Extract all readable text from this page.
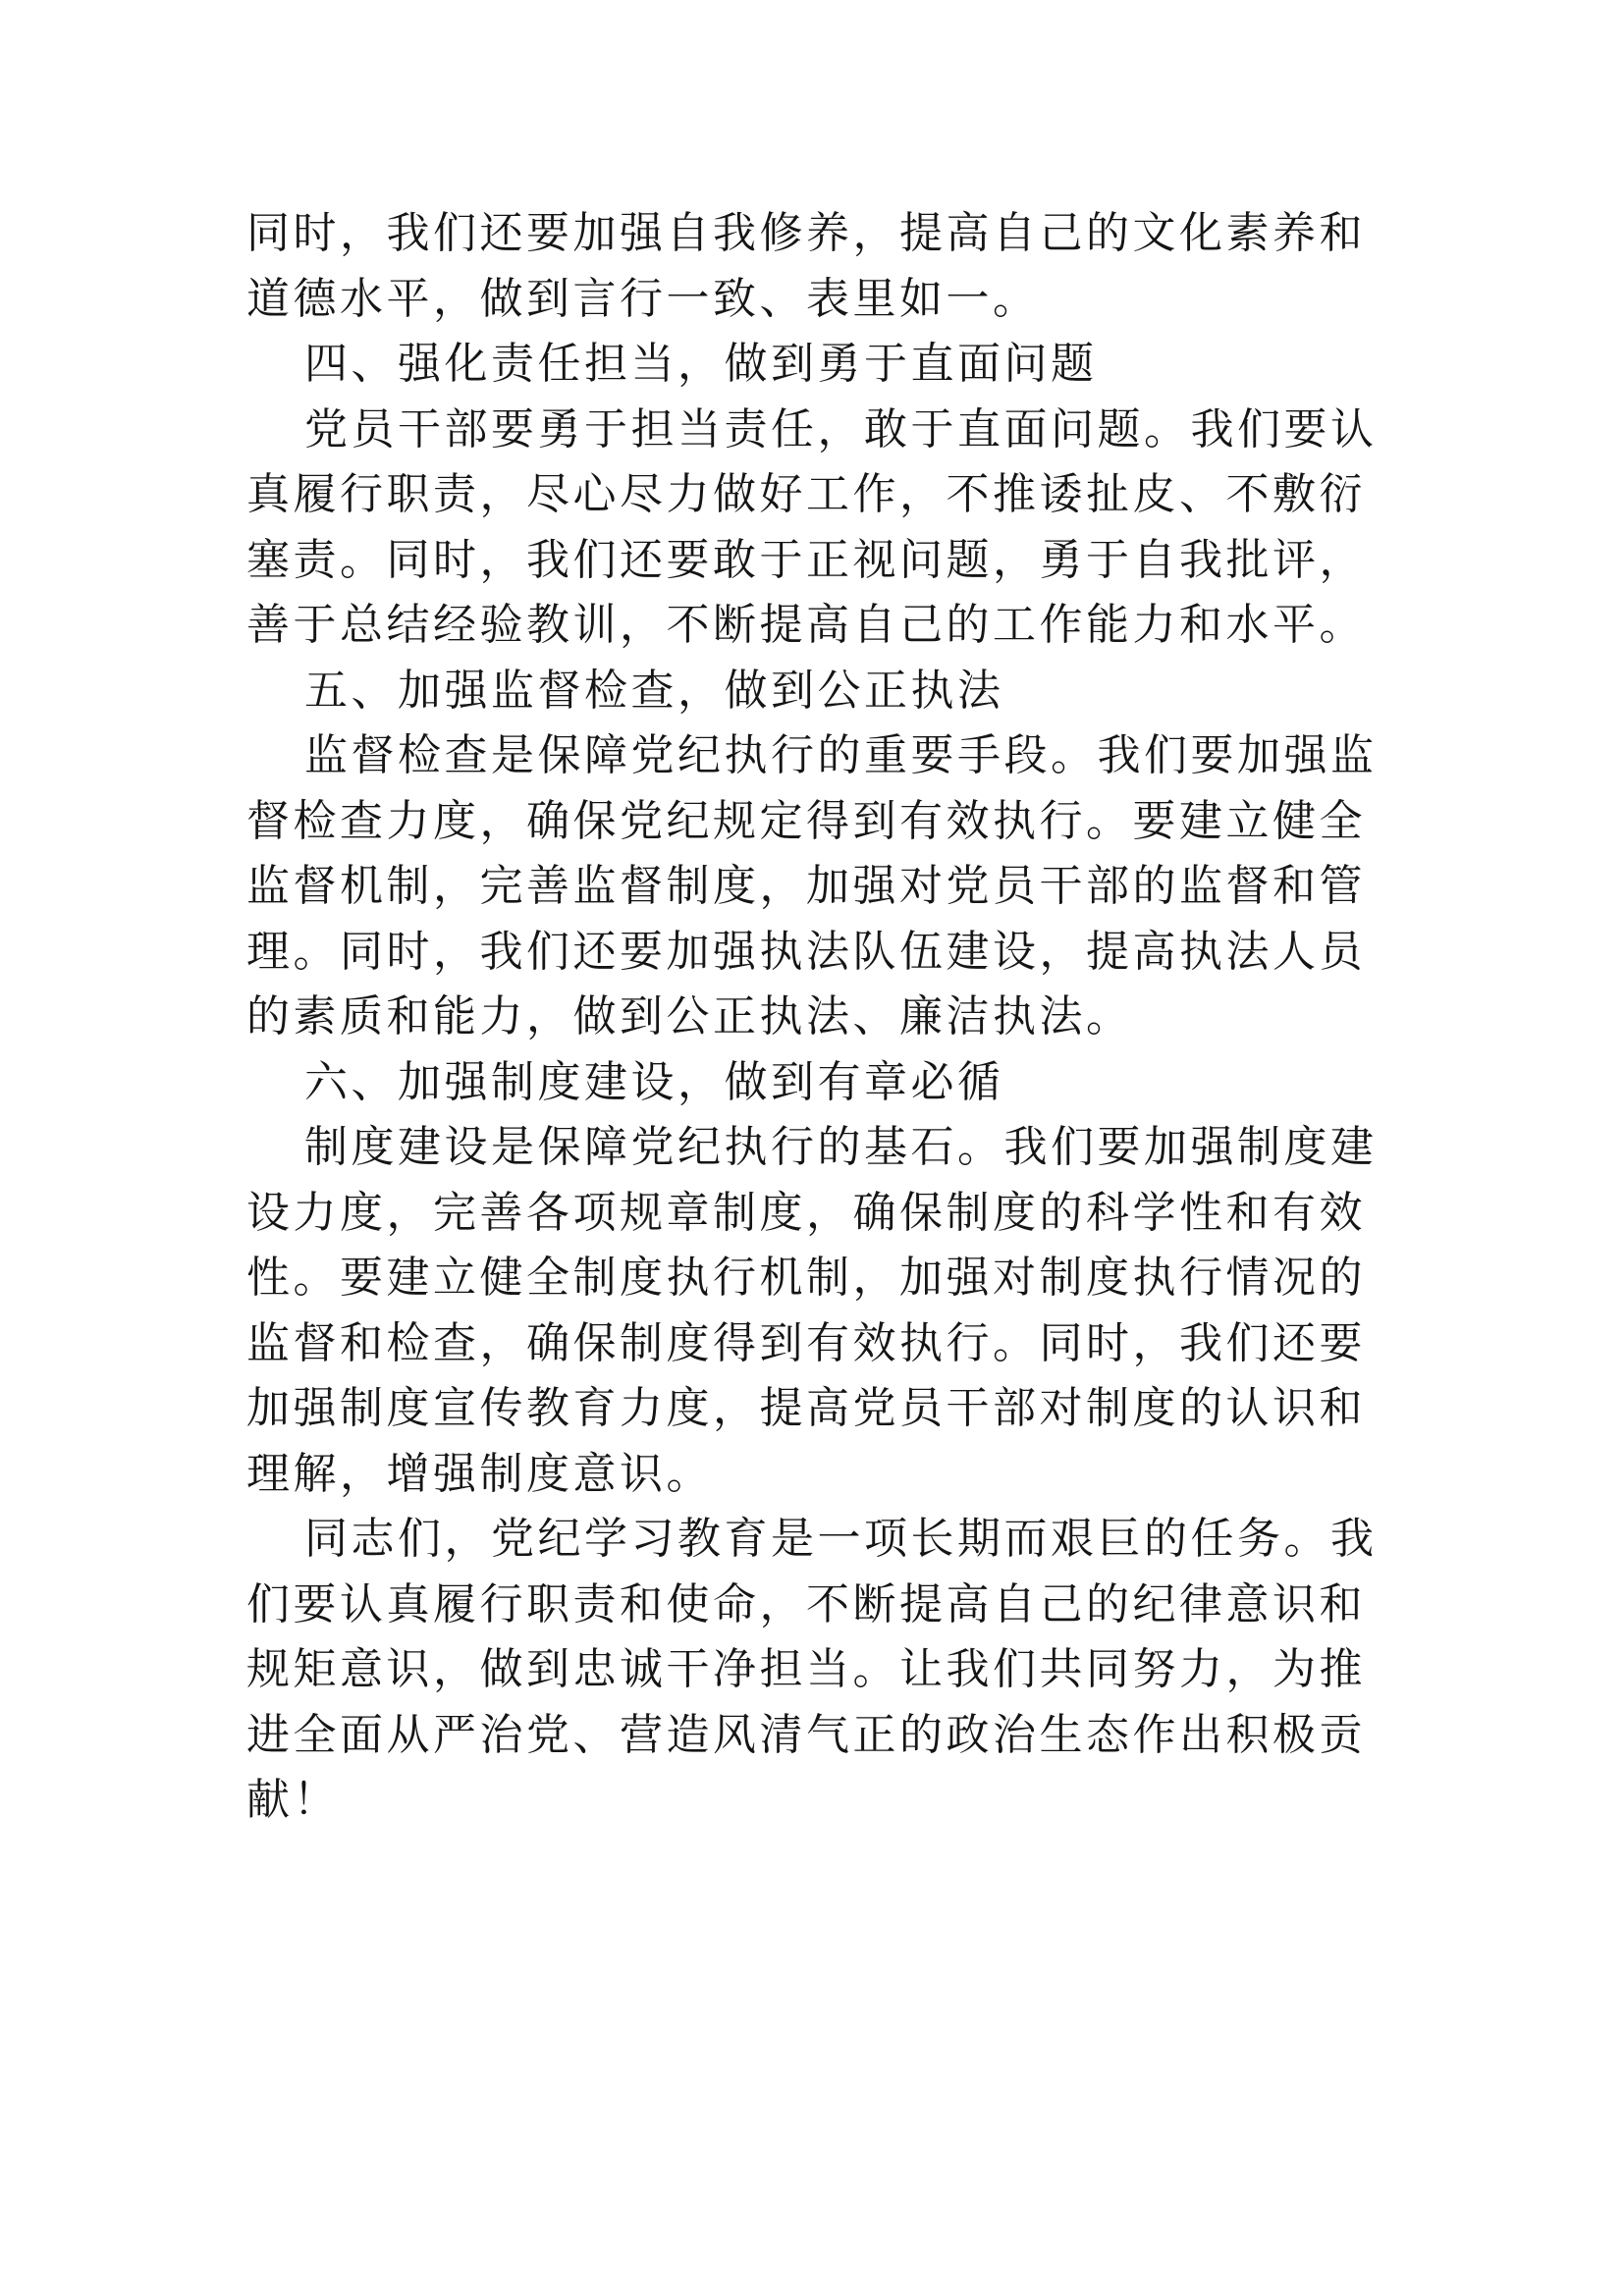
同时，我们还要加强自我修养，提高自己的文化素养和
道德水平，做到言行一致、表里如一。
四、强化责任担当，做到勇于直面问题
党员干部要勇于担当责任，敢于直面问题。我们要认
真履行职责，尽心尽力做好工作，不推诿扯皮、不敷衍
塞责。同时，我们还要敢于正视问题，勇于自我批评，
善于总结经验教训，不断提高自己的工作能力和水平。
五、加强监督检查，做到公正执法
监督检查是保障党纪执行的重要手段。我们要加强监
督检查力度，确保党纪规定得到有效执行。要建立健全
监督机制，完善监督制度，加强对党员干部的监督和管
理。同时，我们还要加强执法队伍建设，提高执法人员
的素质和能力，做到公正执法、廉洁执法。
六、加强制度建设，做到有章必循
制度建设是保障党纪执行的基石。我们要加强制度建
设力度，完善各项规章制度，确保制度的科学性和有效
性。要建立健全制度执行机制，加强对制度执行情况的
监督和检查，确保制度得到有效执行。同时，我们还要
加强制度宣传教育力度，提高党员干部对制度的认识和
理解，增强制度意识。
同志们，党纪学习教育是一项长期而艰巨的任务。我
们要认真履行职责和使命，不断提高自己的纪律意识和
规矩意识，做到忠诚干净担当。让我们共同努力，为推
进全面从严治党、营造风清气正的政治生态作出积极贡
献！
